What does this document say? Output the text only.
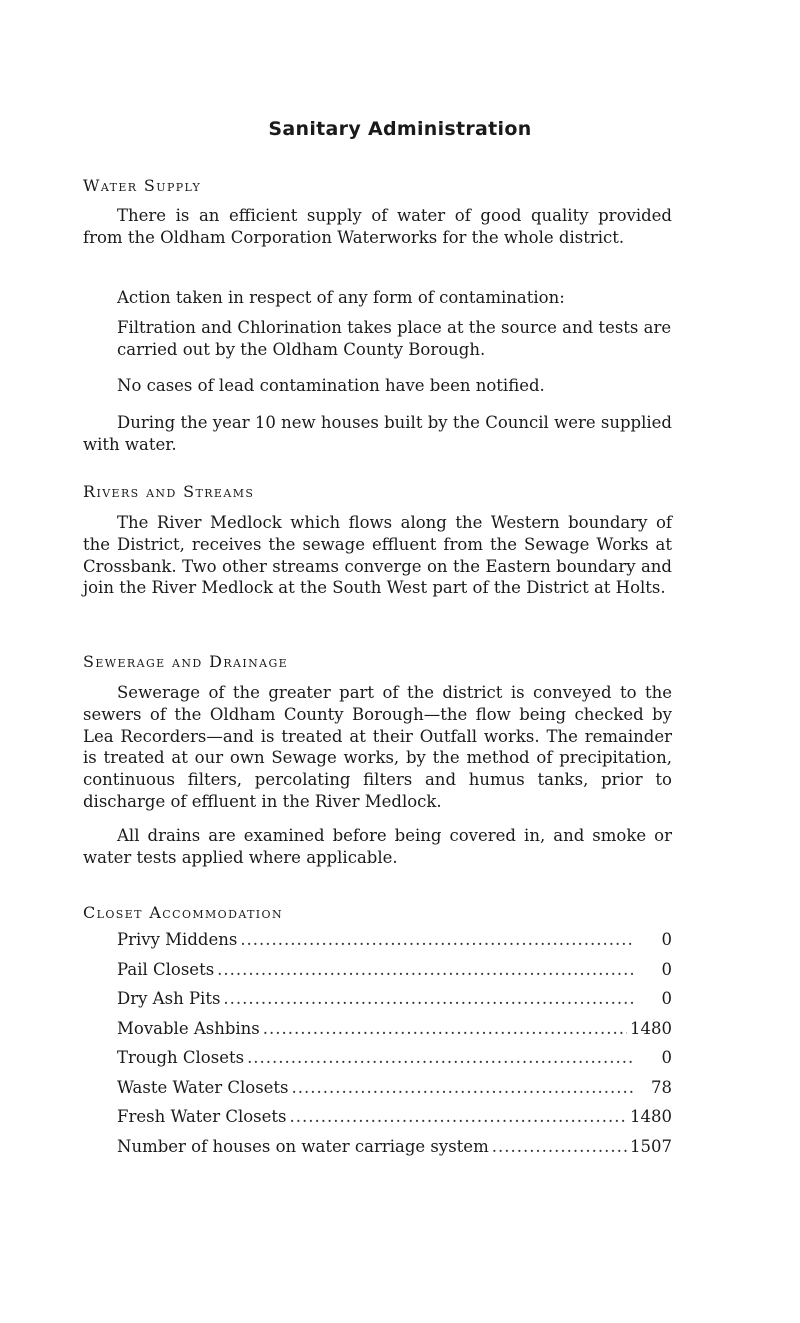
Sanitary Administration
Water Supply
There is an efficient supply of water of good quality provided from the Oldham Corporation Waterworks for the whole district.
Action taken in respect of any form of contamination:
Filtration and Chlorination takes place at the source and tests are carried out by the Oldham County Borough.
No cases of lead contamination have been notified.
During the year 10 new houses built by the Council were supplied with water.
Rivers and Streams
The River Medlock which flows along the Western boundary of the District, receives the sewage effluent from the Sewage Works at Crossbank. Two other streams converge on the Eastern boundary and join the River Medlock at the South West part of the District at Holts.
Sewerage and Drainage
Sewerage of the greater part of the district is conveyed to the sewers of the Oldham County Borough—the flow being checked by Lea Recorders—and is treated at their Outfall works. The remainder is treated at our own Sewage works, by the method of precipitation, continuous filters, percolating filters and humus tanks, prior to discharge of effluent in the River Medlock.
All drains are examined before being covered in, and smoke or water tests applied where applicable.
Closet Accommodation
Privy Middens .....	0
Pail Closets .....	0
Dry Ash Pits .....	0
Movable Ashbins .....	1480
Trough Closets .....	0
Waste Water Closets .....	78
Fresh Water Closets .....	1480
Number of houses on water carriage system .....	1507
